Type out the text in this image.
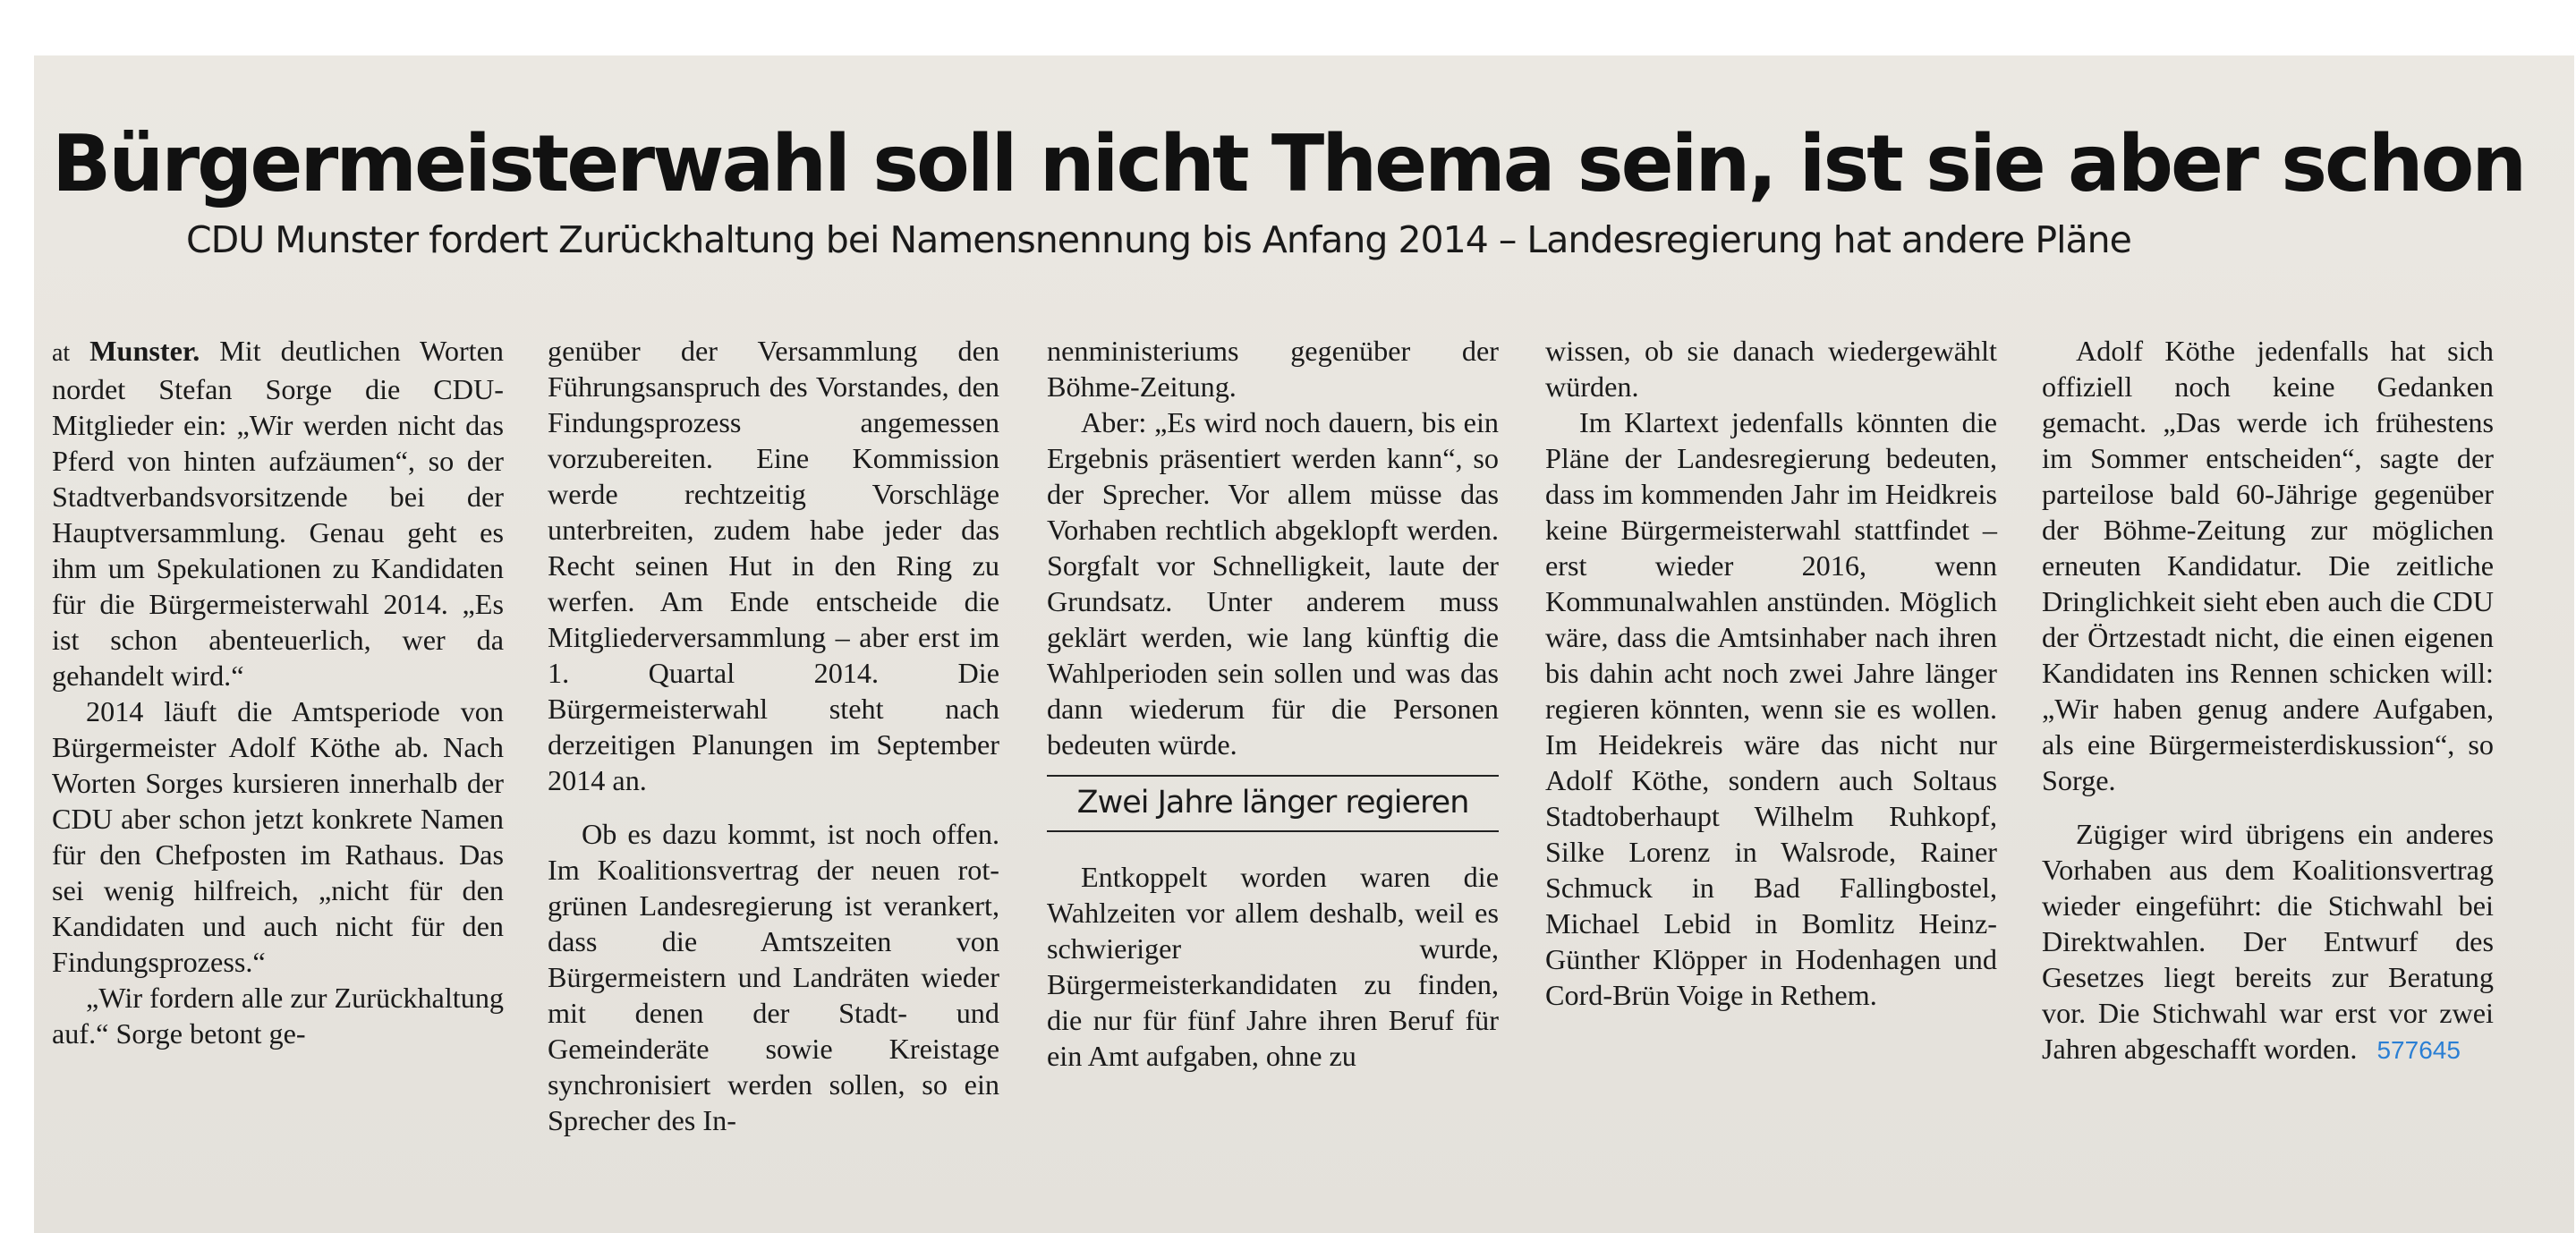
Bürgermeisterwahl soll nicht Thema sein, ist sie aber schon
CDU Munster fordert Zurückhaltung bei Namensnennung bis Anfang 2014 – Landesregierung hat andere Pläne

at Munster. Mit deutlichen Worten nordet Stefan Sorge die CDU-Mitglieder ein: „Wir werden nicht das Pferd von hinten aufzäumen“, so der Stadtverbandsvorsitzende bei der Hauptversammlung. Genau geht es ihm um Spekulationen zu Kandidaten für die Bürgermeisterwahl 2014. „Es ist schon abenteuerlich, wer da gehandelt wird.“

2014 läuft die Amtsperiode von Bürgermeister Adolf Köthe ab. Nach Worten Sorges kursieren innerhalb der CDU aber schon jetzt konkrete Namen für den Chefposten im Rathaus. Das sei wenig hilfreich, „nicht für den Kandidaten und auch nicht für den Findungsprozess.“

„Wir fordern alle zur Zurückhaltung auf.“ Sorge betont ge-

genüber der Versammlung den Führungsanspruch des Vorstandes, den Findungsprozess angemessen vorzubereiten. Eine Kommission werde rechtzeitig Vorschläge unterbreiten, zudem habe jeder das Recht seinen Hut in den Ring zu werfen. Am Ende entscheide die Mitgliederversammlung – aber erst im 1. Quartal 2014. Die Bürgermeisterwahl steht nach derzeitigen Planungen im September 2014 an.

Ob es dazu kommt, ist noch offen. Im Koalitionsvertrag der neuen rot-grünen Landesregierung ist verankert, dass die Amtszeiten von Bürgermeistern und Landräten wieder mit denen der Stadt- und Gemeinderäte sowie Kreistage synchronisiert werden sollen, so ein Sprecher des In-

nenministeriums gegenüber der Böhme-Zeitung.

Aber: „Es wird noch dauern, bis ein Ergebnis präsentiert werden kann“, so der Sprecher. Vor allem müsse das Vorhaben rechtlich abgeklopft werden. Sorgfalt vor Schnelligkeit, laute der Grundsatz. Unter anderem muss geklärt werden, wie lang künftig die Wahlperioden sein sollen und was das dann wiederum für die Personen bedeuten würde.

Zwei Jahre länger regieren

Entkoppelt worden waren die Wahlzeiten vor allem deshalb, weil es schwieriger wurde, Bürgermeisterkandidaten zu finden, die nur für fünf Jahre ihren Beruf für ein Amt aufgaben, ohne zu

wissen, ob sie danach wiedergewählt würden.

Im Klartext jedenfalls könnten die Pläne der Landesregierung bedeuten, dass im kommenden Jahr im Heidkreis keine Bürgermeisterwahl stattfindet – erst wieder 2016, wenn Kommunalwahlen anstünden. Möglich wäre, dass die Amtsinhaber nach ihren bis dahin acht noch zwei Jahre länger regieren könnten, wenn sie es wollen. Im Heidekreis wäre das nicht nur Adolf Köthe, sondern auch Soltaus Stadtoberhaupt Wilhelm Ruhkopf, Silke Lorenz in Walsrode, Rainer Schmuck in Bad Fallingbostel, Michael Lebid in Bomlitz Heinz-Günther Klöpper in Hodenhagen und Cord-Brün Voige in Rethem.

Adolf Köthe jedenfalls hat sich offiziell noch keine Gedanken gemacht. „Das werde ich frühestens im Sommer entscheiden“, sagte der parteilose bald 60-Jährige gegenüber der Böhme-Zeitung zur möglichen erneuten Kandidatur. Die zeitliche Dringlichkeit sieht eben auch die CDU der Örtzestadt nicht, die einen eigenen Kandidaten ins Rennen schicken will: „Wir haben genug andere Aufgaben, als eine Bürgermeisterdiskussion“, so Sorge.

Zügiger wird übrigens ein anderes Vorhaben aus dem Koalitionsvertrag wieder eingeführt: die Stichwahl bei Direktwahlen. Der Entwurf des Gesetzes liegt bereits zur Beratung vor. Die Stichwahl war erst vor zwei Jahren abgeschafft worden. 577645
